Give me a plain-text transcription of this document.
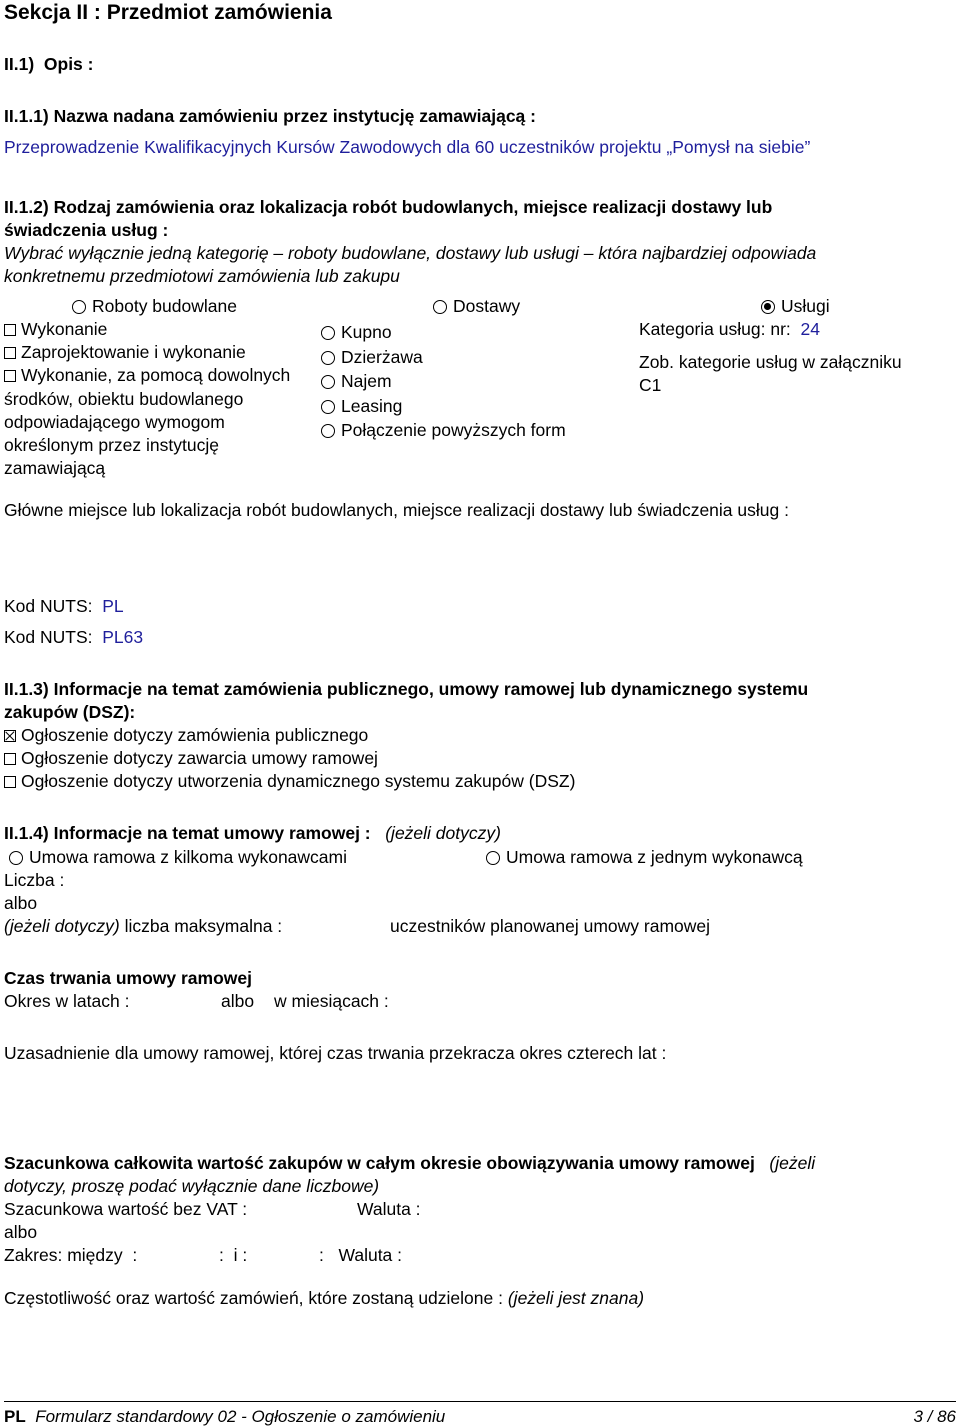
Sekcja II : Przedmiot zamówienia
II.1) Opis :
II.1.1) Nazwa nadana zamówieniu przez instytucję zamawiającą :
Przeprowadzenie Kwalifikacyjnych Kursów Zawodowych dla 60 uczestników projektu „Pomysł na siebie”
II.1.2) Rodzaj zamówienia oraz lokalizacja robót budowlanych, miejsce realizacji dostawy lub
świadczenia usług :
Wybrać wyłącznie jedną kategorię – roboty budowlane, dostawy lub usługi – która najbardziej odpowiada
konkretnemu przedmiotowi zamówienia lub zakupu
Roboty budowlane	Dostawy	Usługi
Wykonanie
Zaprojektowanie i wykonanie
Wykonanie, za pomocą dowolnych
środków, obiektu budowlanego
odpowiadającego wymogom
określonym przez instytucję
zamawiającą
Kupno
Dzierżawa
Najem
Leasing
Połączenie powyższych form
Kategoria usług: nr: 24
Zob. kategorie usług w załączniku
C1
Główne miejsce lub lokalizacja robót budowlanych, miejsce realizacji dostawy lub świadczenia usług :
Kod NUTS: PL
Kod NUTS: PL63
II.1.3) Informacje na temat zamówienia publicznego, umowy ramowej lub dynamicznego systemu
zakupów (DSZ):
Ogłoszenie dotyczy zamówienia publicznego
Ogłoszenie dotyczy zawarcia umowy ramowej
Ogłoszenie dotyczy utworzenia dynamicznego systemu zakupów (DSZ)
II.1.4) Informacje na temat umowy ramowej : (jeżeli dotyczy)
Umowa ramowa z kilkoma wykonawcami	Umowa ramowa z jednym wykonawcą
Liczba :
albo
(jeżeli dotyczy) liczba maksymalna :	uczestników planowanej umowy ramowej
Czas trwania umowy ramowej
Okres w latach :	albo w miesiącach :
Uzasadnienie dla umowy ramowej, której czas trwania przekracza okres czterech lat :
Szacunkowa całkowita wartość zakupów w całym okresie obowiązywania umowy ramowej (jeżeli
dotyczy, proszę podać wyłącznie dane liczbowe)
Szacunkowa wartość bez VAT :	Waluta :
albo
Zakres: między :	: i :	: Waluta :
Częstotliwość oraz wartość zamówień, które zostaną udzielone : (jeżeli jest znana)
PL Formularz standardowy 02 - Ogłoszenie o zamówieniu	3 / 86
